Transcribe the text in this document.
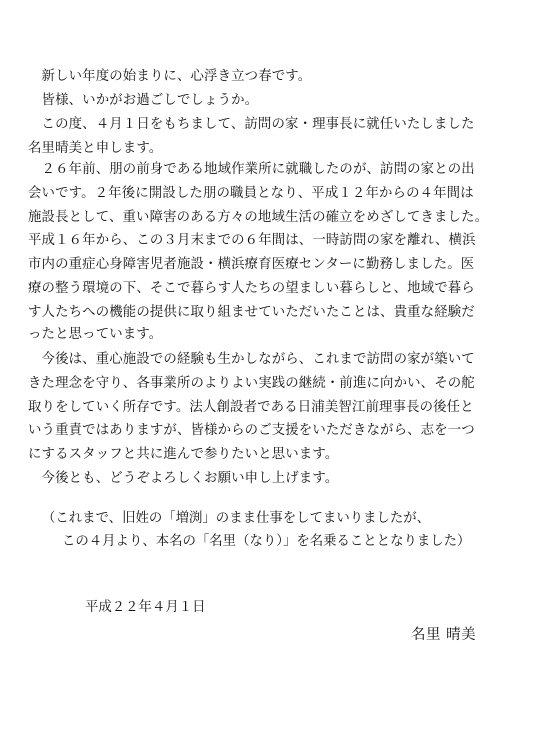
　新しい年度の始まりに、心浮き立つ春です。
　皆様、いかがお過ごしでしょうか。
　この度、４月１日をもちまして、訪問の家・理事長に就任いたしました
名里晴美と申します。
　２６年前、朋の前身である地域作業所に就職したのが、訪問の家との出
会いです。２年後に開設した朋の職員となり、平成１２年からの４年間は
施設長として、重い障害のある方々の地域生活の確立をめざしてきました。
平成１６年から、この３月末までの６年間は、一時訪問の家を離れ、横浜
市内の重症心身障害児者施設・横浜療育医療センターに勤務しました。医
療の整う環境の下、そこで暮らす人たちの望ましい暮らしと、地域で暮ら
す人たちへの機能の提供に取り組ませていただいたことは、貴重な経験だ
ったと思っています。
　今後は、重心施設での経験も生かしながら、これまで訪問の家が築いて
きた理念を守り、各事業所のよりよい実践の継続・前進に向かい、その舵
取りをしていく所存です。法人創設者である日浦美智江前理事長の後任と
いう重責ではありますが、皆様からのご支援をいただきながら、志を一つ
にするスタッフと共に進んで参りたいと思います。
　今後とも、どうぞよろしくお願い申し上げます。
（これまで、旧姓の「増渕」のまま仕事をしてまいりましたが、
この４月より、本名の「名里（なり）」を名乗ることとなりました）
平成２２年４月１日
名里 晴美
